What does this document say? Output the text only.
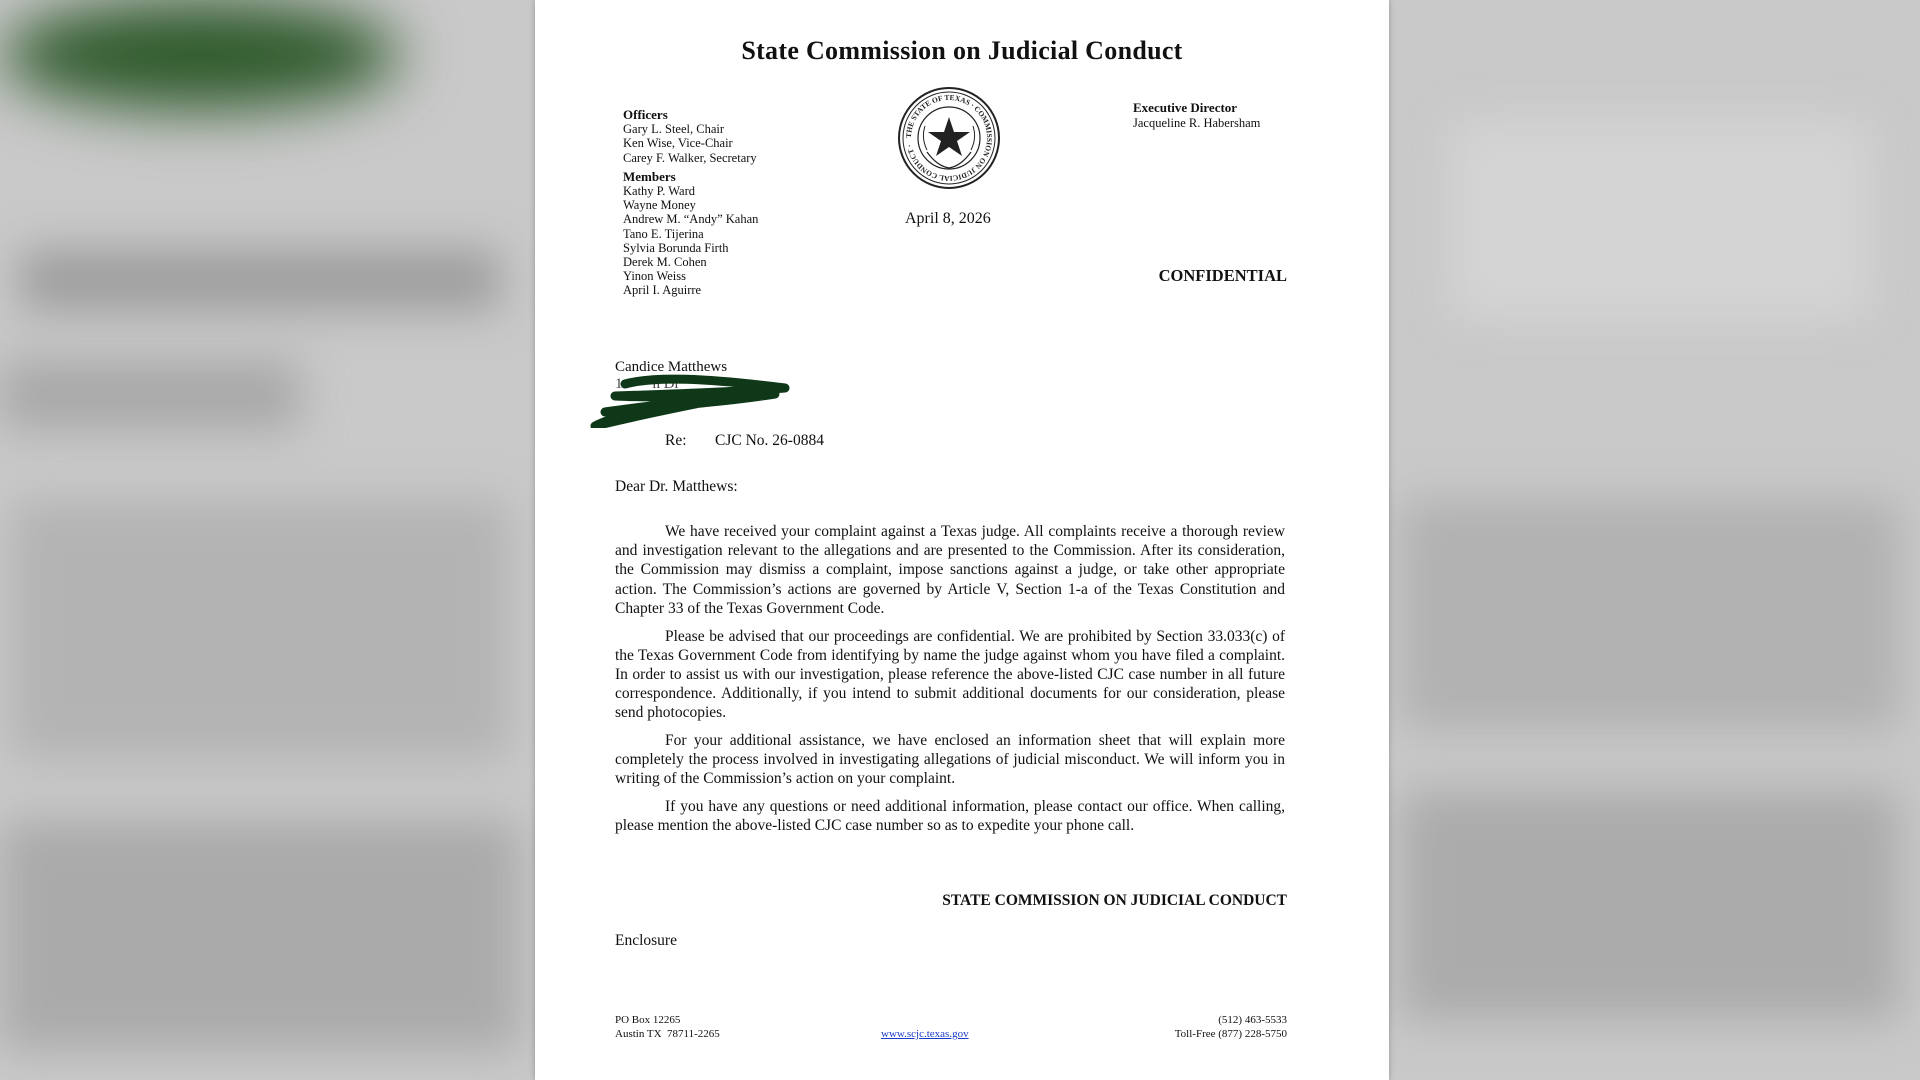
State Commission on Judicial Conduct
Officers
Gary L. Steel, Chair
Ken Wise, Vice-Chair
Carey F. Walker, Secretary
Members
Kathy P. Ward
Wayne Money
Andrew M. “Andy” Kahan
Tano E. Tijerina
Sylvia Borunda Firth
Derek M. Cohen
Yinon Weiss
April I. Aguirre
THE STATE OF TEXAS · COMMISSION ON JUDICIAL CONDUCT ·
Executive Director
Jacqueline R. Habersham
April 8, 2026
CONFIDENTIAL
Candice Matthews
1        n Dr
7069
Re: CJC No. 26-0884
Dear Dr. Matthews:

We have received your complaint against a Texas judge. All complaints receive a thorough review and investigation relevant to the allegations and are presented to the Commission. After its consideration, the Commission may dismiss a complaint, impose sanctions against a judge, or take other appropriate action. The Commission’s actions are governed by Article V, Section 1-a of the Texas Constitution and Chapter 33 of the Texas Government Code.

Please be advised that our proceedings are confidential. We are prohibited by Section 33.033(c) of the Texas Government Code from identifying by name the judge against whom you have filed a complaint. In order to assist us with our investigation, please reference the above-listed CJC case number in all future correspondence. Additionally, if you intend to submit additional documents for our consideration, please send photocopies.

For your additional assistance, we have enclosed an information sheet that will explain more completely the process involved in investigating allegations of judicial misconduct. We will inform you in writing of the Commission’s action on your complaint.

If you have any questions or need additional information, please contact our office. When calling, please mention the above-listed CJC case number so as to expedite your phone call.

STATE COMMISSION ON JUDICIAL CONDUCT
Enclosure
PO Box 12265
Austin TX  78711-2265	www.scjc.texas.gov
(512) 463-5533
Toll-Free (877) 228-5750
